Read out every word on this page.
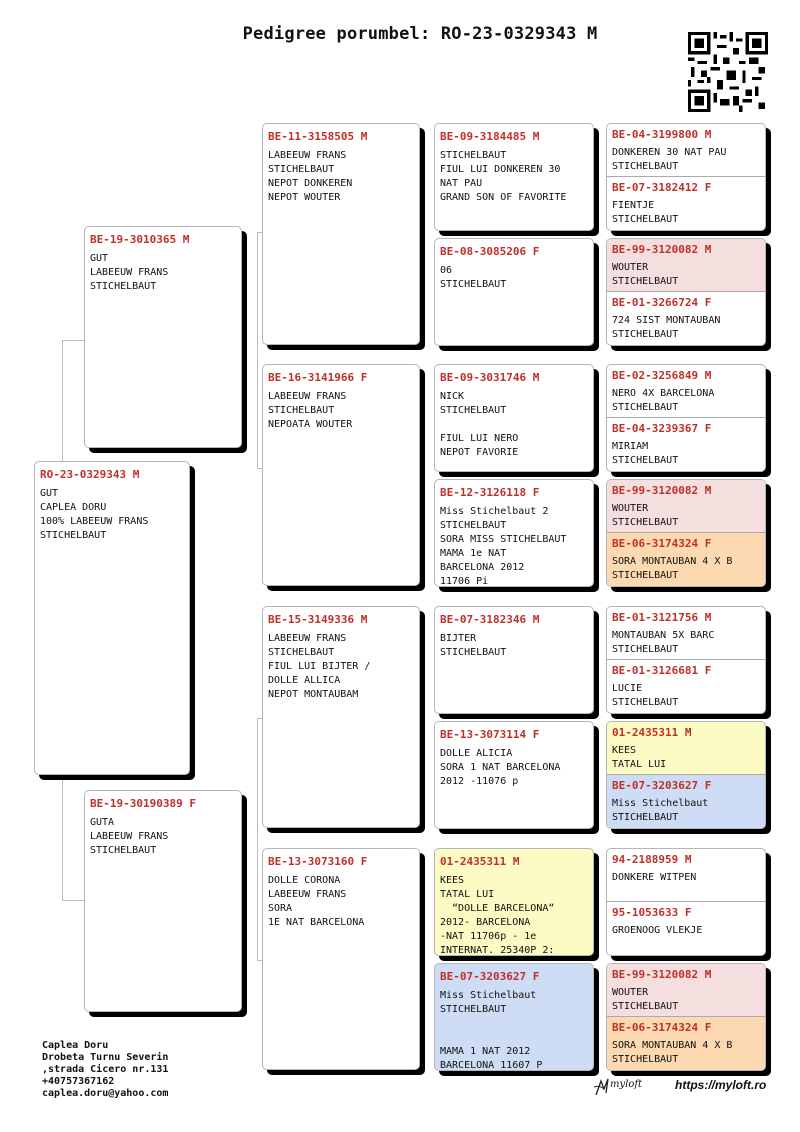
Pedigree porumbel: RO-23-0329343 M
RO-23-0329343 M
GUT
CAPLEA DORU
100% LABEEUW FRANS
STICHELBAUT
BE-19-3010365 M
GUT
LABEEUW FRANS
STICHELBAUT
BE-19-30190389 F
GUTA
LABEEUW FRANS
STICHELBAUT
BE-11-3158505 M
LABEEUW FRANS
STICHELBAUT
NEPOT DONKEREN
NEPOT WOUTER
BE-16-3141966 F
LABEEUW FRANS
STICHELBAUT
NEPOATA WOUTER
BE-15-3149336 M
LABEEUW FRANS
STICHELBAUT
FIUL LUI BIJTER /
DOLLE ALLICA
NEPOT MONTAUBAM
BE-13-3073160 F
DOLLE CORONA
LABEEUW FRANS
SORA
1E NAT BARCELONA
BE-09-3184485 M
STICHELBAUT
FIUL LUI DONKEREN 30
NAT PAU
GRAND SON OF FAVORITE
BE-08-3085206 F
06
STICHELBAUT
BE-09-3031746 M
NICK
STICHELBAUT

FIUL LUI NERO
NEPOT FAVORIE
BE-12-3126118 F
Miss Stichelbaut 2
STICHELBAUT
SORA MISS STICHELBAUT
MAMA 1e NAT
BARCELONA 2012
11706 Pi
BE-07-3182346 M
BIJTER
STICHELBAUT
BE-13-3073114 F
DOLLE ALICIA
SORA 1 NAT BARCELONA
2012 -11076 p
01-2435311 M
KEES
TATAL LUI
“DOLLE BARCELONA“
2012- BARCELONA
-NAT 11706p - 1e
INTERNAT. 25340P 2:
BE-07-3203627 F
Miss Stichelbaut
STICHELBAUT

MAMA 1 NAT 2012
BARCELONA 11607 P
BE-04-3199800 M
DONKEREN 30 NAT PAU
STICHELBAUT
BE-07-3182412 F
FIENTJE
STICHELBAUT
BE-99-3120082 M
WOUTER
STICHELBAUT
BE-01-3266724 F
724 SIST MONTAUBAN
STICHELBAUT
BE-02-3256849 M
NERO 4X BARCELONA
STICHELBAUT
BE-04-3239367 F
MIRIAM
STICHELBAUT
BE-99-3120082 M
WOUTER
STICHELBAUT
BE-06-3174324 F
SORA MONTAUBAN 4 X B
STICHELBAUT
BE-01-3121756 M
MONTAUBAN 5X BARC
STICHELBAUT
BE-01-3126681 F
LUCIE
STICHELBAUT
01-2435311 M
KEES
TATAL LUI
BE-07-3203627 F
Miss Stichelbaut
STICHELBAUT
94-2188959 M
DONKERE WITPEN
95-1053633 F
GROENOOG VLEKJE
BE-99-3120082 M
WOUTER
STICHELBAUT
BE-06-3174324 F
SORA MONTAUBAN 4 X B
STICHELBAUT
Caplea Doru
Drobeta Turnu Severin
,strada Cicero nr.131
+40757367162
caplea.doru@yahoo.com
myloft	https://myloft.ro
